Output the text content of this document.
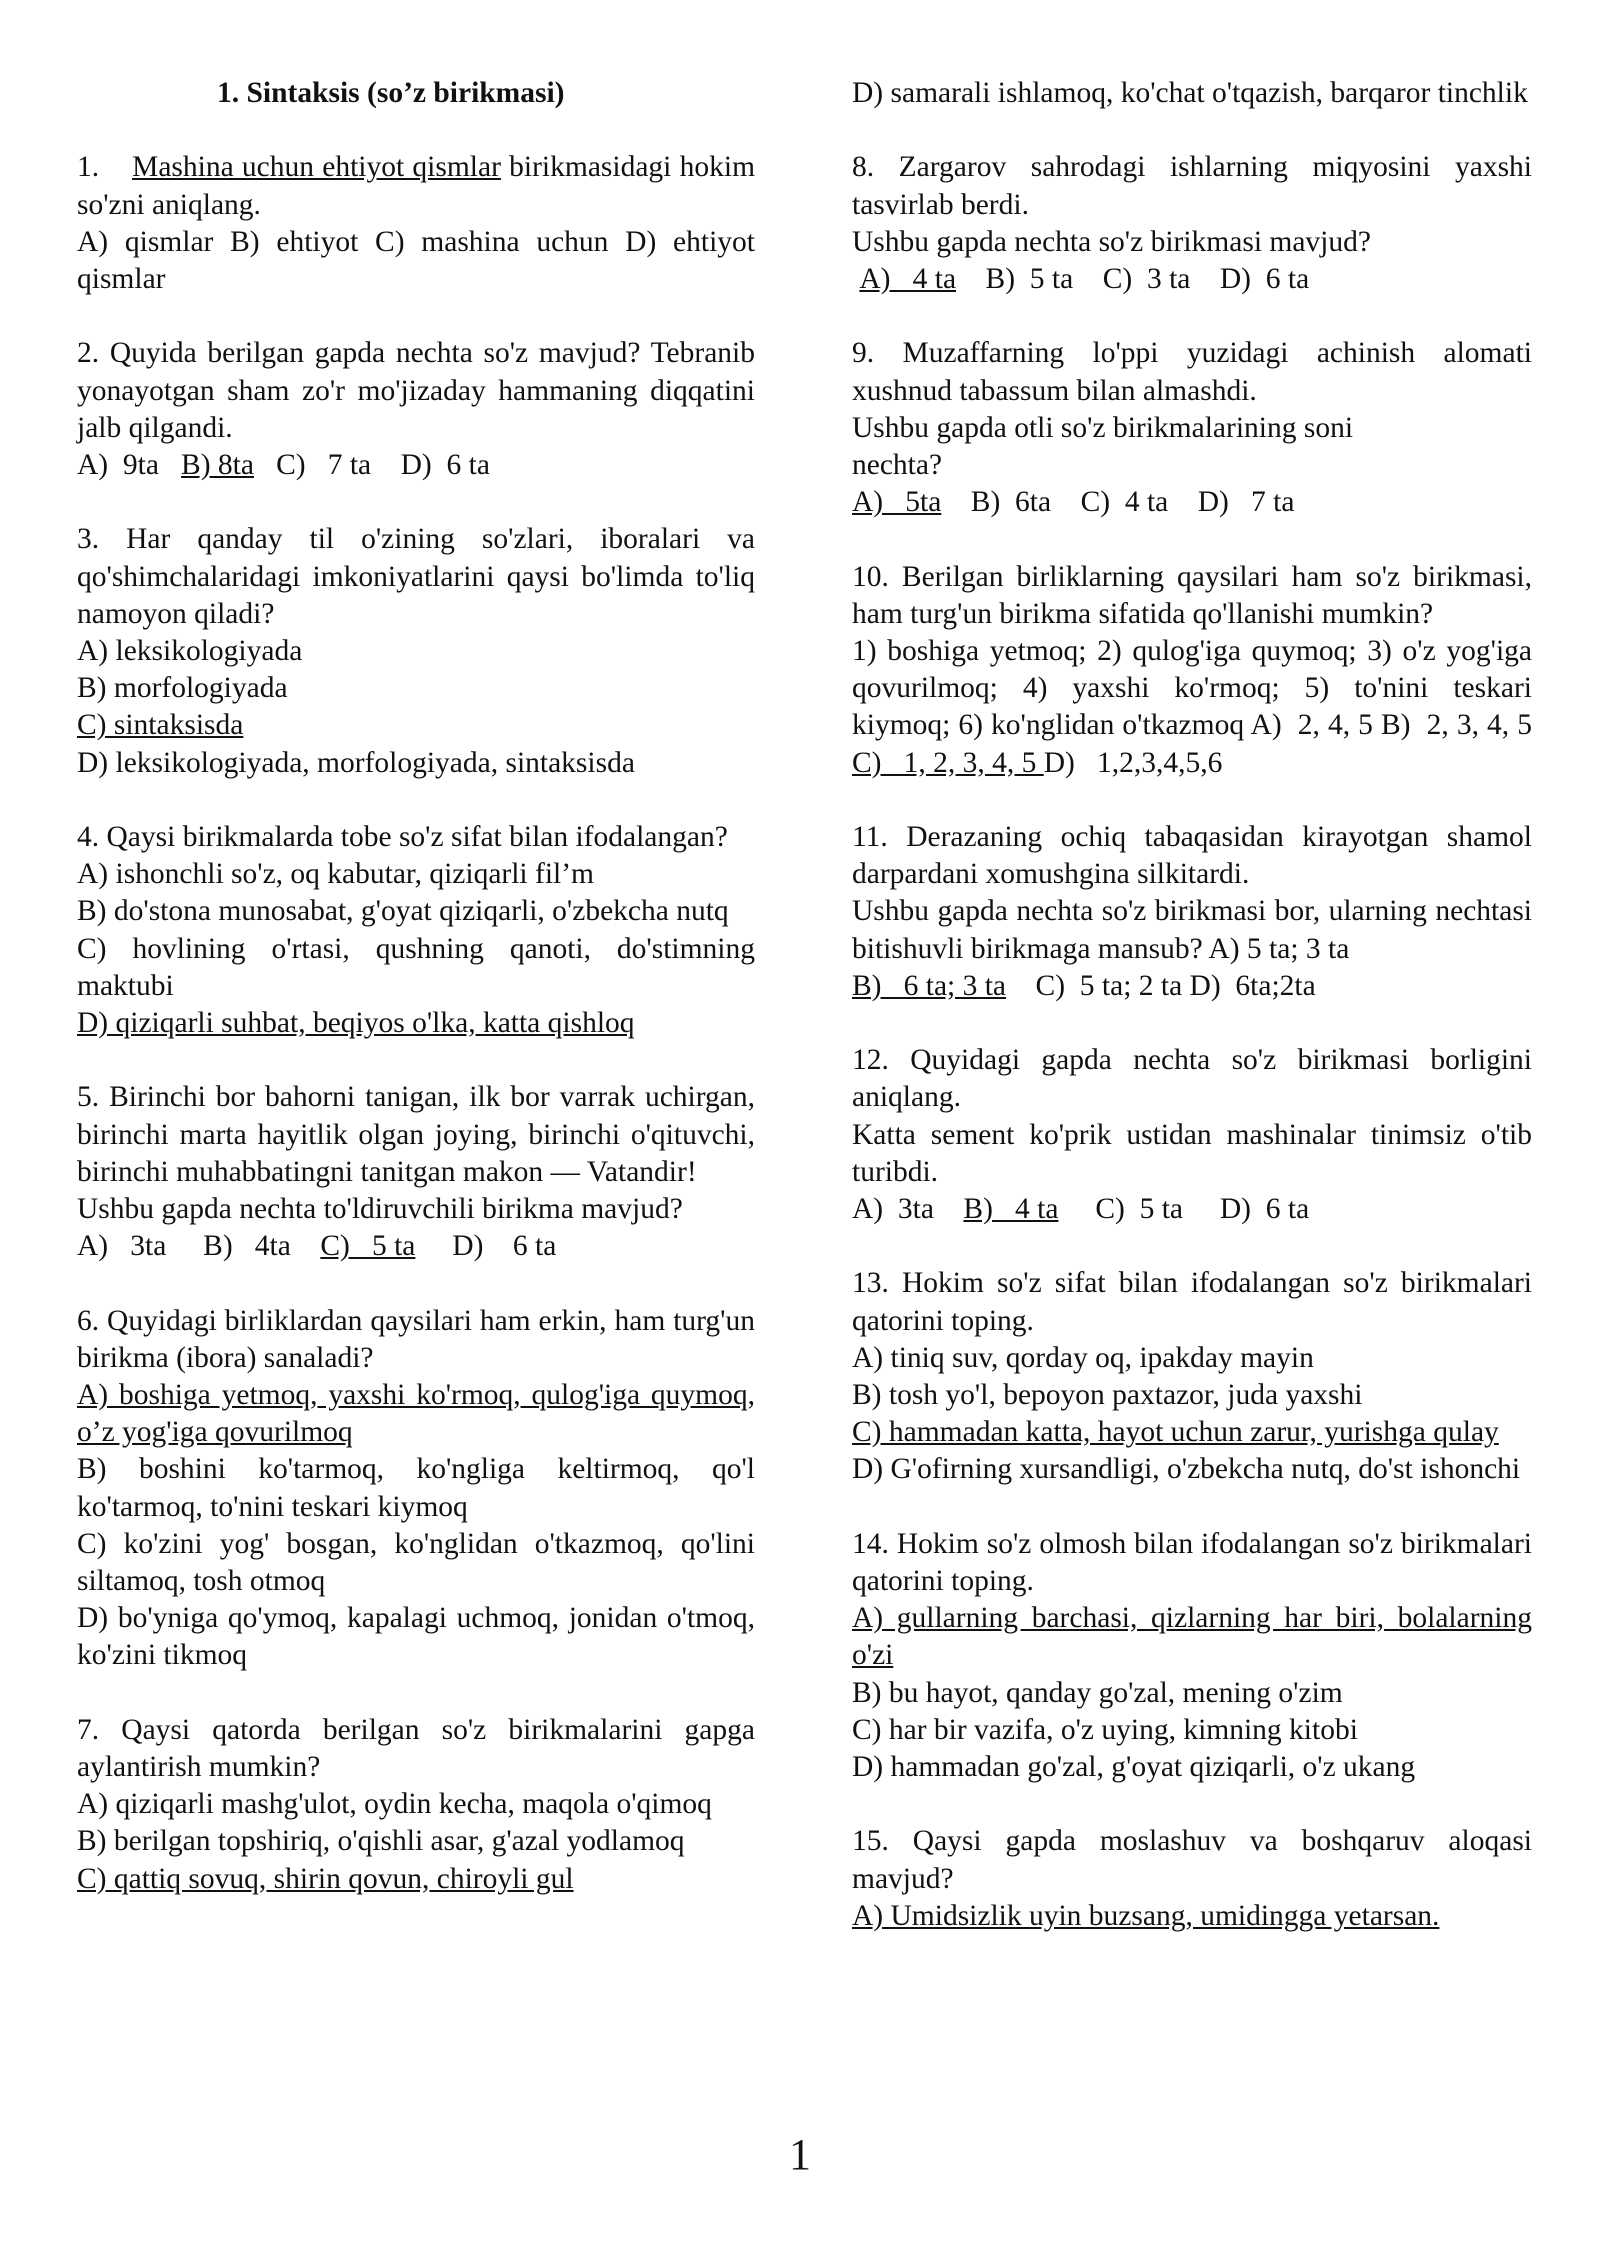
1. Sintaksis (so’z birikmasi)
1. Mashina uchun ehtiyot qismlar birikmasidagi hokim so'zni aniqlang.
A) qismlar B) ehtiyot C) mashina uchun D) ehtiyot qismlar
2. Quyida berilgan gapda nechta so'z mavjud? Tebranib yonayotgan sham zo'r mo'jizaday hammaning diqqatini jalb qilgandi.
A)  9ta   B) 8ta   C)   7 ta    D)  6 ta
3. Har qanday til o'zining so'zlari, iboralari va qo'shimchalaridagi imkoniyatlarini qaysi bo'limda to'liq namoyon qiladi?
A) leksikologiyada
B) morfologiyada
C) sintaksisda
D) leksikologiyada, morfologiyada, sintaksisda
4. Qaysi birikmalarda tobe so'z sifat bilan ifodalangan?
A) ishonchli so'z, oq kabutar, qiziqarli fil’m
B) do'stona munosabat, g'oyat qiziqarli, o'zbekcha nutq
C) hovlining o'rtasi, qushning qanoti, do'stimning maktubi
D) qiziqarli suhbat, beqiyos o'lka, katta qishloq
5. Birinchi bor bahorni tanigan, ilk bor varrak uchirgan, birinchi marta hayitlik olgan joying, birinchi o'qituvchi, birinchi muhabbatingni tanitgan makon — Vatandir!
Ushbu gapda nechta to'ldiruvchili birikma mavjud?
A)   3ta     B)   4ta    C)   5 ta     D)    6 ta
6. Quyidagi birliklardan qaysilari ham erkin, ham turg'un birikma (ibora) sanaladi?
A) boshiga yetmoq, yaxshi ko'rmoq, qulog'iga quymoq, o’z yog'iga qovurilmoq
B) boshini ko'tarmoq, ko'ngliga keltirmoq, qo'l ko'tarmoq, to'nini teskari kiymoq
C) ko'zini yog' bosgan, ko'nglidan o'tkazmoq, qo'lini siltamoq, tosh otmoq
D) bo'yniga qo'ymoq, kapalagi uchmoq, jonidan o'tmoq, ko'zini tikmoq
7. Qaysi qatorda berilgan so'z birikmalarini gapga aylantirish mumkin?
A) qiziqarli mashg'ulot, oydin kecha, maqola o'qimoq
B) berilgan topshiriq, o'qishli asar, g'azal yodlamoq
C) qattiq sovuq, shirin qovun, chiroyli gul
D) samarali ishlamoq, ko'chat o'tqazish, barqaror tinchlik
8. Zargarov sahrodagi ishlarning miqyosini yaxshi tasvirlab berdi.
Ushbu gapda nechta so'z birikmasi mavjud?
A)   4 ta    B)  5 ta    C)  3 ta    D)  6 ta
9. Muzaffarning lo'ppi yuzidagi achinish alomati xushnud tabassum bilan almashdi.
Ushbu gapda otli so'z birikmalarining soni
nechta?
A)   5ta    B)  6ta    C)  4 ta    D)   7 ta
10. Berilgan birliklarning qaysilari ham so'z birikmasi, ham turg'un birikma sifatida qo'llanishi mumkin?
1) boshiga yetmoq; 2) qulog'iga quymoq; 3) o'z yog'iga qovurilmoq; 4) yaxshi ko'rmoq; 5) to'nini teskari kiymoq; 6) ko'nglidan o'tkazmoq A)  2, 4, 5 B)  2, 3, 4, 5    C)   1, 2, 3, 4, 5 D)   1,2,3,4,5,6
11. Derazaning ochiq tabaqasidan kirayotgan shamol darpardani xomushgina silkitardi.
Ushbu gapda nechta so'z birikmasi bor, ularning nechtasi bitishuvli birikmaga mansub? A) 5 ta; 3 ta
B)   6 ta; 3 ta    C)  5 ta; 2 ta D)  6ta;2ta
12. Quyidagi gapda nechta so'z birikmasi borligini aniqlang.
Katta sement ko'prik ustidan mashinalar tinimsiz o'tib turibdi.
A)  3ta    B)   4 ta     C)  5 ta     D)  6 ta
13. Hokim so'z sifat bilan ifodalangan so'z birikmalari qatorini toping.
A) tiniq suv, qorday oq, ipakday mayin
B) tosh yo'l, bepoyon paxtazor, juda yaxshi
C) hammadan katta, hayot uchun zarur, yurishga qulay
D) G'ofirning xursandligi, o'zbekcha nutq, do'st ishonchi
14. Hokim so'z olmosh bilan ifodalangan so'z birikmalari qatorini toping.
A) gullarning barchasi, qizlarning har biri, bolalarning o'zi
B) bu hayot, qanday go'zal, mening o'zim
C) har bir vazifa, o'z uying, kimning kitobi
D) hammadan go'zal, g'oyat qiziqarli, o'z ukang
15. Qaysi gapda moslashuv va boshqaruv aloqasi mavjud?
A) Umidsizlik uyin buzsang, umidingga yetarsan.
1
